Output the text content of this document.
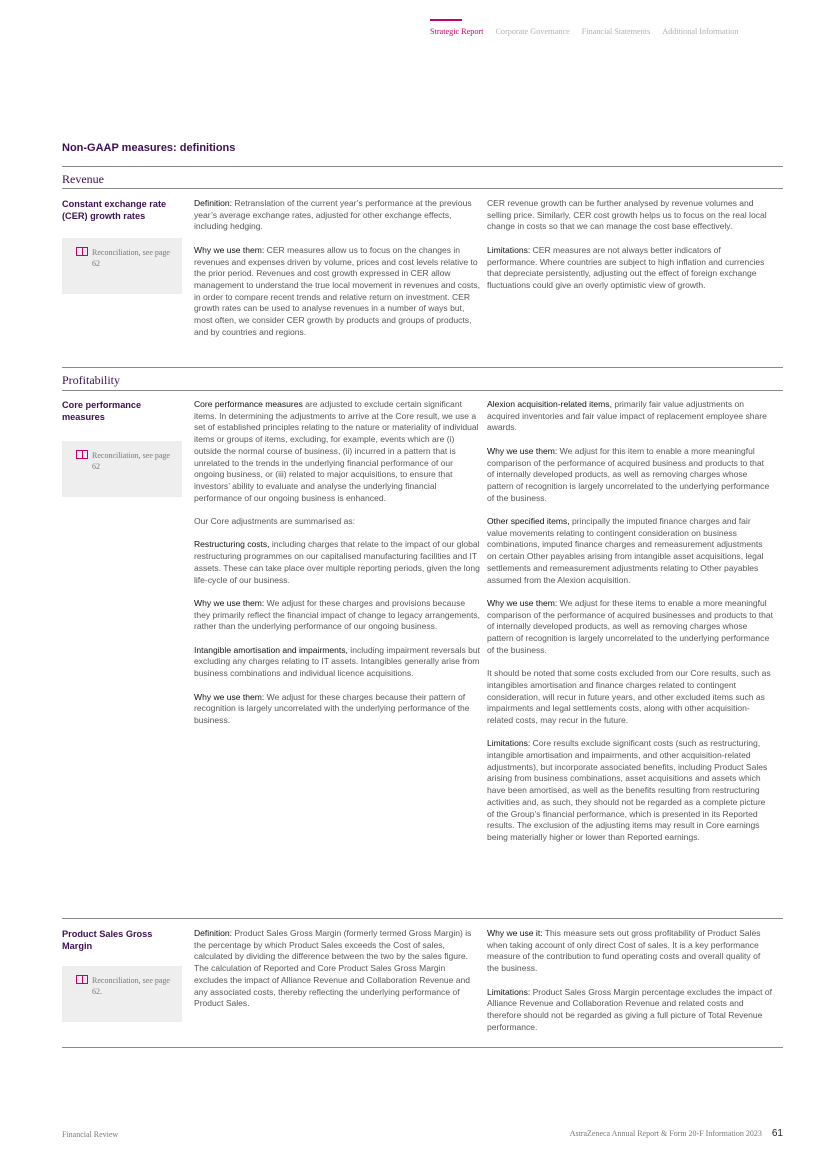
Strategic Report Corporate Governance Financial Statements Additional Information
Non-GAAP measures: definitions
Revenue
Constant exchange rate (CER) growth rates
Reconciliation, see page 62

Definition: Retranslation of the current year’s performance at the previous year’s average exchange rates, adjusted for other exchange effects, including hedging.

Why we use them: CER measures allow us to focus on the changes in revenues and expenses driven by volume, prices and cost levels relative to the prior period. Revenues and cost growth expressed in CER allow management to understand the true local movement in revenues and costs, in order to compare recent trends and relative return on investment. CER growth rates can be used to analyse revenues in a number of ways but, most often, we consider CER growth by products and groups of products, and by countries and regions.

CER revenue growth can be further analysed by revenue volumes and selling price. Similarly, CER cost growth helps us to focus on the real local change in costs so that we can manage the cost base effectively.

Limitations: CER measures are not always better indicators of performance. Where countries are subject to high inflation and currencies that depreciate persistently, adjusting out the effect of foreign exchange fluctuations could give an overly optimistic view of growth.

Profitability
Core performance measures
Reconciliation, see page 62

Core performance measures are adjusted to exclude certain significant items. In determining the adjustments to arrive at the Core result, we use a set of established principles relating to the nature or materiality of individual items or groups of items, excluding, for example, events which are (i) outside the normal course of business, (ii) incurred in a pattern that is unrelated to the trends in the underlying financial performance of our ongoing business, or (iii) related to major acquisitions, to ensure that investors’ ability to evaluate and analyse the underlying financial performance of our ongoing business is enhanced.

Our Core adjustments are summarised as:

Restructuring costs, including charges that relate to the impact of our global restructuring programmes on our capitalised manufacturing facilities and IT assets. These can take place over multiple reporting periods, given the long life-cycle of our business.

Why we use them: We adjust for these charges and provisions because they primarily reflect the financial impact of change to legacy arrangements, rather than the underlying performance of our ongoing business.

Intangible amortisation and impairments, including impairment reversals but excluding any charges relating to IT assets. Intangibles generally arise from business combinations and individual licence acquisitions.

Why we use them: We adjust for these charges because their pattern of recognition is largely uncorrelated with the underlying performance of the business.

Alexion acquisition-related items, primarily fair value adjustments on acquired inventories and fair value impact of replacement employee share awards.

Why we use them: We adjust for this item to enable a more meaningful comparison of the performance of acquired business and products to that of internally developed products, as well as removing charges whose pattern of recognition is largely uncorrelated to the underlying performance of the business.

Other specified items, principally the imputed finance charges and fair value movements relating to contingent consideration on business combinations, imputed finance charges and remeasurement adjustments on certain Other payables arising from intangible asset acquisitions, legal settlements and remeasurement adjustments relating to Other payables assumed from the Alexion acquisition.

Why we use them: We adjust for these items to enable a more meaningful comparison of the performance of acquired businesses and products to that of internally developed products, as well as removing charges whose pattern of recognition is largely uncorrelated to the underlying performance of the business.

It should be noted that some costs excluded from our Core results, such as intangibles amortisation and finance charges related to contingent consideration, will recur in future years, and other excluded items such as impairments and legal settlements costs, along with other acquisition-related costs, may recur in the future.

Limitations: Core results exclude significant costs (such as restructuring, intangible amortisation and impairments, and other acquisition-related adjustments), but incorporate associated benefits, including Product Sales arising from business combinations, asset acquisitions and assets which have been amortised, as well as the benefits resulting from restructuring activities and, as such, they should not be regarded as a complete picture of the Group’s financial performance, which is presented in its Reported results. The exclusion of the adjusting items may result in Core earnings being materially higher or lower than Reported earnings.

Product Sales Gross Margin
Reconciliation, see page 62.

Definition: Product Sales Gross Margin (formerly termed Gross Margin) is the percentage by which Product Sales exceeds the Cost of sales, calculated by dividing the difference between the two by the sales figure. The calculation of Reported and Core Product Sales Gross Margin excludes the impact of Alliance Revenue and Collaboration Revenue and any associated costs, thereby reflecting the underlying performance of Product Sales.

Why we use it: This measure sets out gross profitability of Product Sales when taking account of only direct Cost of sales. It is a key performance measure of the contribution to fund operating costs and overall quality of the business.

Limitations: Product Sales Gross Margin percentage excludes the impact of Alliance Revenue and Collaboration Revenue and related costs and therefore should not be regarded as giving a full picture of Total Revenue performance.

Financial Review	AstraZeneca Annual Report & Form 20-F Information 2023 61
